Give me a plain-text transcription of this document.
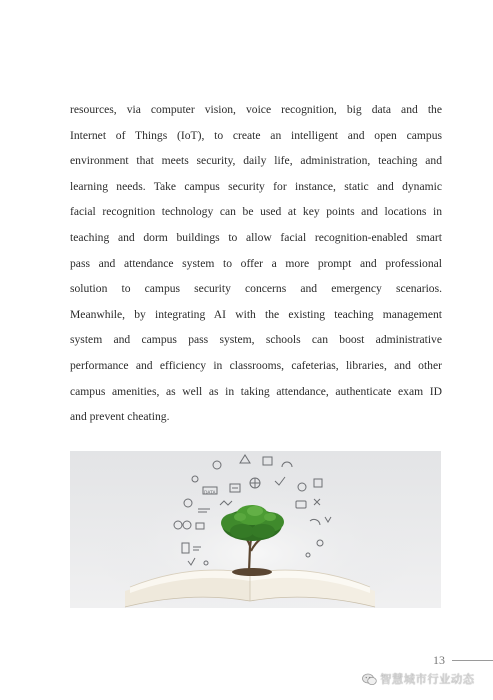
resources, via computer vision, voice recognition, big data and the
Internet of Things (IoT), to create an intelligent and open campus
environment that meets security, daily life, administration, teaching and
learning needs. Take campus security for instance, static and dynamic
facial recognition technology can be used at key points and locations in
teaching and dorm buildings to allow facial recognition-enabled smart
pass and attendance system to offer a more prompt and professional
solution to campus security concerns and emergency scenarios.
Meanwhile, by integrating AI with the existing teaching management
system and campus pass system, schools can boost administrative
performance and efficiency in classrooms, cafeterias, libraries, and other
campus amenities, as well as in taking attendance, authenticate exam ID
and prevent cheating.
DATA
13
智慧城市行业动态
